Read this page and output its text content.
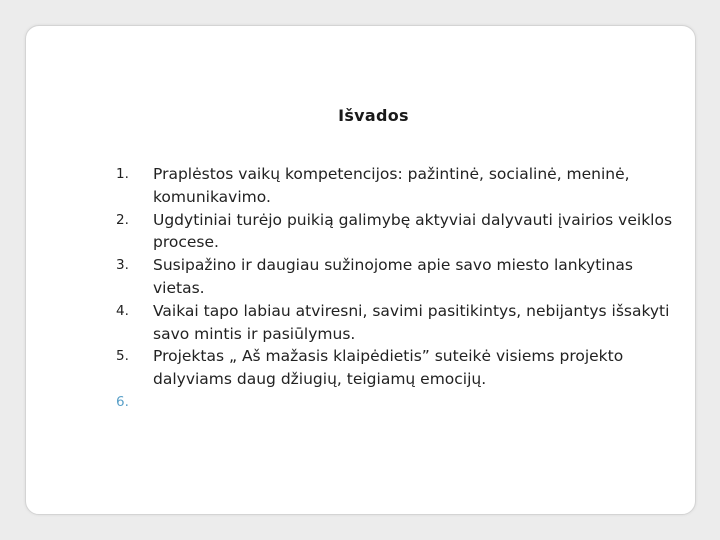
Išvados
1. Praplėstos vaikų kompetencijos: pažintinė, socialinė, meninė, komunikavimo.
2. Ugdytiniai turėjo puikią galimybę aktyviai dalyvauti įvairios veiklos procese.
3. Susipažino ir daugiau sužinojome apie savo miesto lankytinas vietas.
4. Vaikai tapo labiau atviresni, savimi pasitikintys, nebijantys išsakyti savo mintis ir pasiūlymus.
5. Projektas „ Aš mažasis klaipėdietis” suteikė visiems projekto dalyviams daug džiugių, teigiamų emocijų.
6.
